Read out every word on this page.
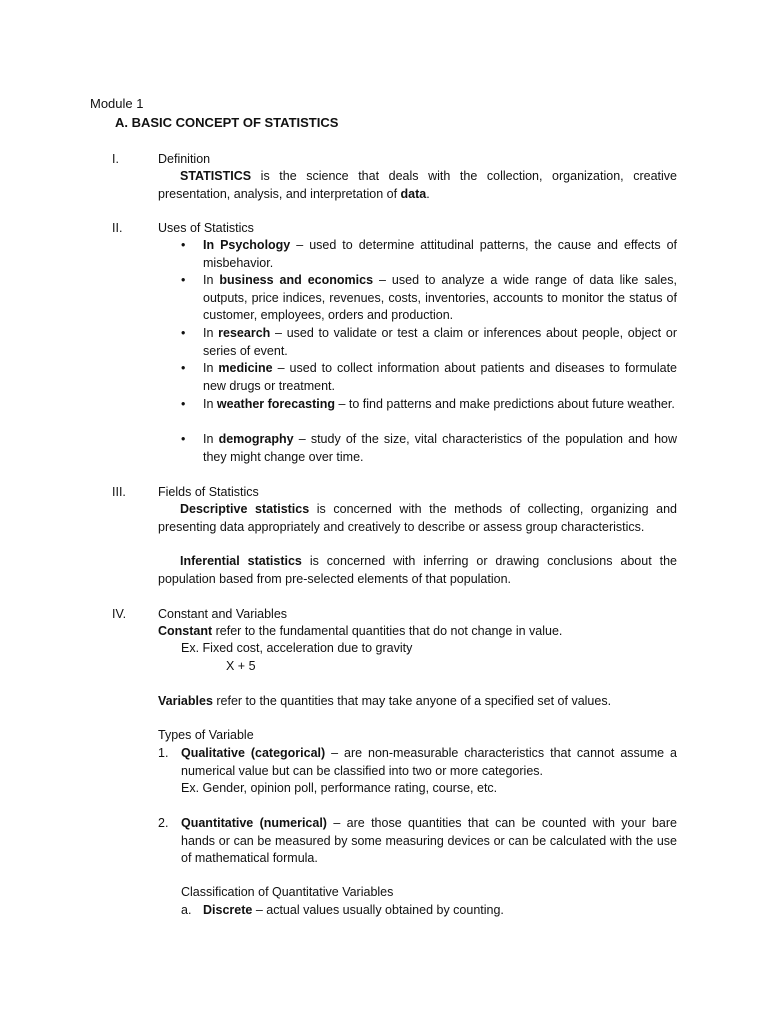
Module 1
A. BASIC CONCEPT OF STATISTICS
I.	Definition
STATISTICS is the science that deals with the collection, organization, creative presentation, analysis, and interpretation of data.
II.	Uses of Statistics
•	In Psychology – used to determine attitudinal patterns, the cause and effects of misbehavior.
•	In business and economics – used to analyze a wide range of data like sales, outputs, price indices, revenues, costs, inventories, accounts to monitor the status of customer, employees, orders and production.
•	In research – used to validate or test a claim or inferences about people, object or series of event.
•	In medicine – used to collect information about patients and diseases to formulate new drugs or treatment.
•	In weather forecasting – to find patterns and make predictions about future weather.
•	In demography – study of the size, vital characteristics of the population and how they might change over time.
III.	Fields of Statistics
Descriptive statistics is concerned with the methods of collecting, organizing and presenting data appropriately and creatively to describe or assess group characteristics.
Inferential statistics is concerned with inferring or drawing conclusions about the population based from pre-selected elements of that population.
IV.	Constant and Variables
Constant refer to the fundamental quantities that do not change in value.
Ex. Fixed cost, acceleration due to gravity
X + 5
Variables refer to the quantities that may take anyone of a specified set of values.
Types of Variable
1. Qualitative (categorical) – are non-measurable characteristics that cannot assume a numerical value but can be classified into two or more categories.
Ex. Gender, opinion poll, performance rating, course, etc.
2. Quantitative (numerical) – are those quantities that can be counted with your bare hands or can be measured by some measuring devices or can be calculated with the use of mathematical formula.
Classification of Quantitative Variables
a. Discrete – actual values usually obtained by counting.
